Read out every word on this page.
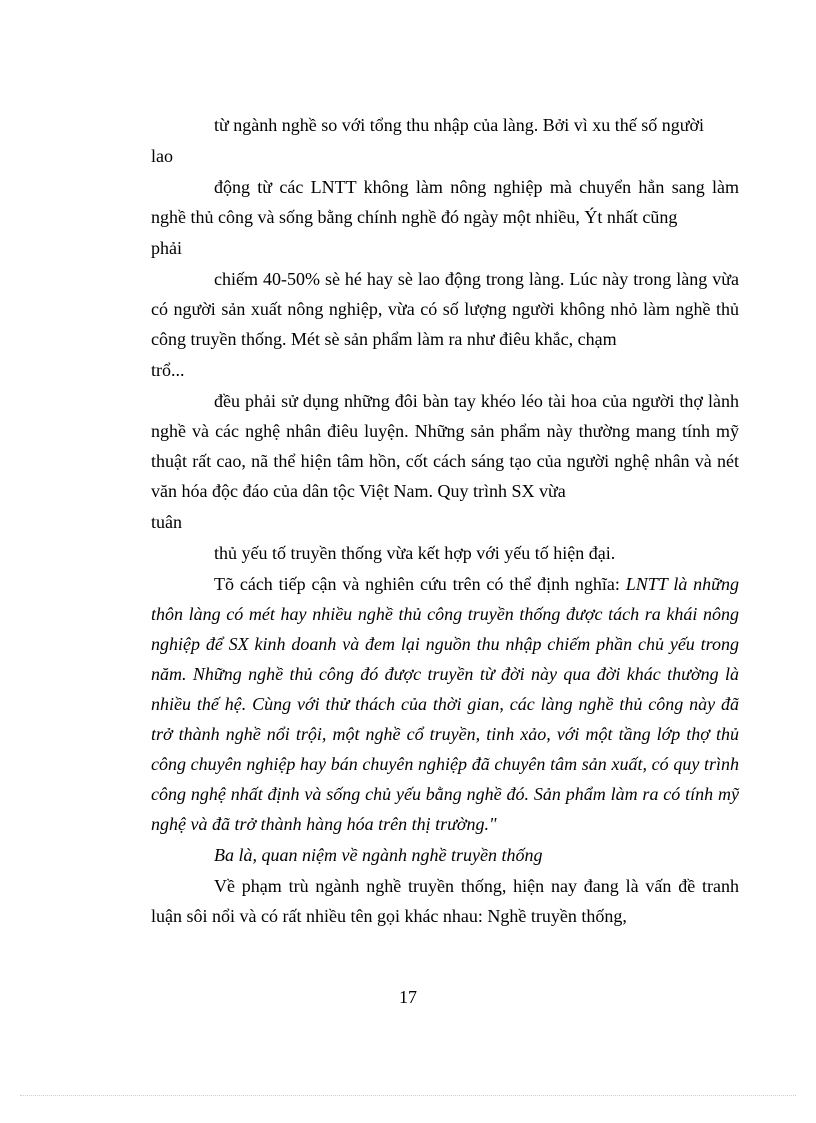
từ ngành nghề so với tổng thu nhập của làng. Bởi vì xu thế số người

lao

động từ các LNTT không làm nông nghiệp mà chuyển hẳn sang làm nghề thủ công và sống bằng chính nghề đó ngày một nhiều, Ýt nhất cũng

phải

chiếm 40-50% sè hé hay sè lao động trong làng. Lúc này trong làng vừa có người sản xuất nông nghiệp, vừa có số lượng người không nhỏ làm nghề thủ công truyền thống. Mét sè sản phẩm làm ra như điêu khắc, chạm

trổ...

đều phải sử dụng những đôi bàn tay khéo léo tài hoa của người thợ lành nghề và các nghệ nhân điêu luyện. Những sản phẩm này thường mang tính mỹ thuật rất cao, nã thể hiện tâm hồn, cốt cách sáng tạo của người nghệ nhân và nét văn hóa độc đáo của dân tộc Việt Nam. Quy trình SX vừa

tuân

thủ yếu tố truyền thống vừa kết hợp với yếu tố hiện đại.

Tõ cách tiếp cận và nghiên cứu trên có thể định nghĩa: LNTT là những thôn làng có mét hay nhiều nghề thủ công truyền thống được tách ra khái nông nghiệp để SX kinh doanh và đem lại nguồn thu nhập chiếm phần chủ yếu trong năm. Những nghề thủ công đó được truyền từ đời này qua đời khác thường là nhiều thế hệ. Cùng với thử thách của thời gian, các làng nghề thủ công này đã trở thành nghề nổi trội, một nghề cổ truyền, tinh xảo, với một tầng lớp thợ thủ công chuyên nghiệp hay bán chuyên nghiệp đã chuyên tâm sản xuất, có quy trình công nghệ nhất định và sống chủ yếu bằng nghề đó. Sản phẩm làm ra có tính mỹ nghệ và đã trở thành hàng hóa trên thị trường."

Ba là, quan niệm về ngành nghề truyền thống

Về phạm trù ngành nghề truyền thống, hiện nay đang là vấn đề tranh luận sôi nổi và có rất nhiều tên gọi khác nhau: Nghề truyền thống,

17
